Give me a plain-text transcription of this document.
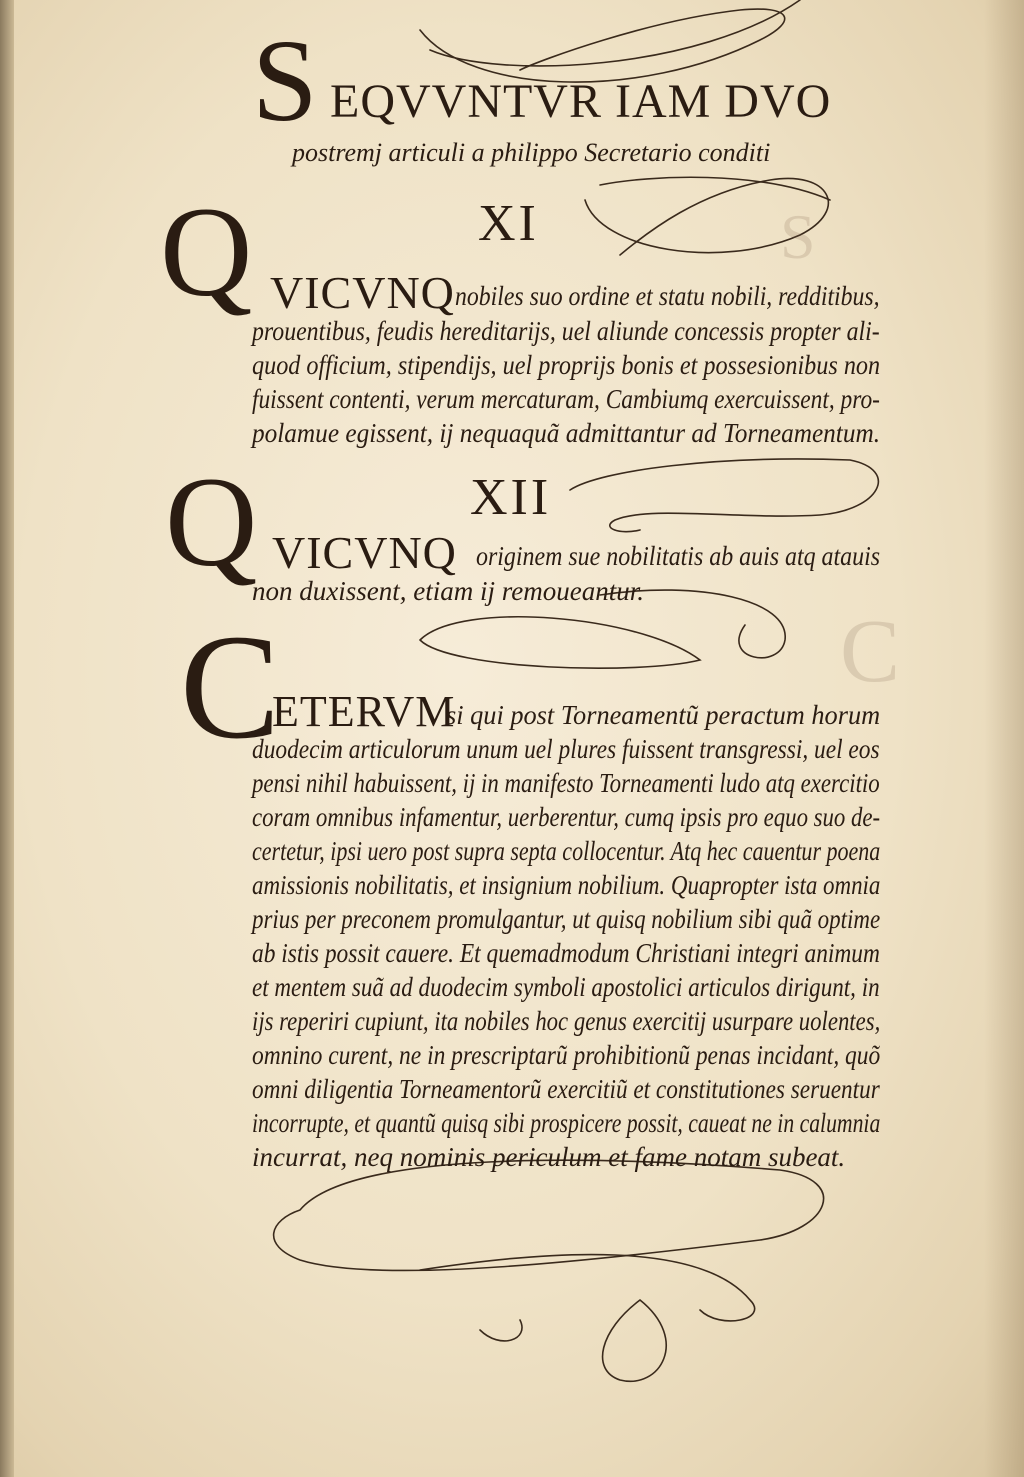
S
C
S EQVVNTVR IAM DVO
postremj articuli a philippo Secretario conditi
XI
Q VICVNQ nobiles suo ordine et statu nobili, redditibus,
prouentibus, feudis hereditarijs, uel aliunde concessis propter ali-
quod officium, stipendijs, uel proprijs bonis et possesionibus non
fuissent contenti, verum mercaturam, Cambiumq exercuissent, pro-
polamue egissent, ij nequaquã admittantur ad Torneamentum.
XII
Q VICVNQ originem sue nobilitatis ab auis atq atauis
non duxissent, etiam ij remoueantur.
C
ETERVM
si qui post Torneamentũ peractum horum
duodecim articulorum unum uel plures fuissent transgressi, uel eos
pensi nihil habuissent, ij in manifesto Torneamenti ludo atq exercitio
coram omnibus infamentur, uerberentur, cumq ipsis pro equo suo de-
certetur, ipsi uero post supra septa collocentur. Atq hec cauentur poena
amissionis nobilitatis, et insignium nobilium. Quapropter ista omnia
prius per preconem promulgantur, ut quisq nobilium sibi quã optime
ab istis possit cauere. Et quemadmodum Christiani integri animum
et mentem suã ad duodecim symboli apostolici articulos dirigunt, in
ijs reperiri cupiunt, ita nobiles hoc genus exercitij usurpare uolentes,
omnino curent, ne in prescriptarũ prohibitionũ penas incidant, quõ
omni diligentia Torneamentorũ exercitiũ et constitutiones seruentur
incorrupte, et quantũ quisq sibi prospicere possit, caueat ne in calumnia
incurrat, neq nominis periculum et fame notam subeat.
